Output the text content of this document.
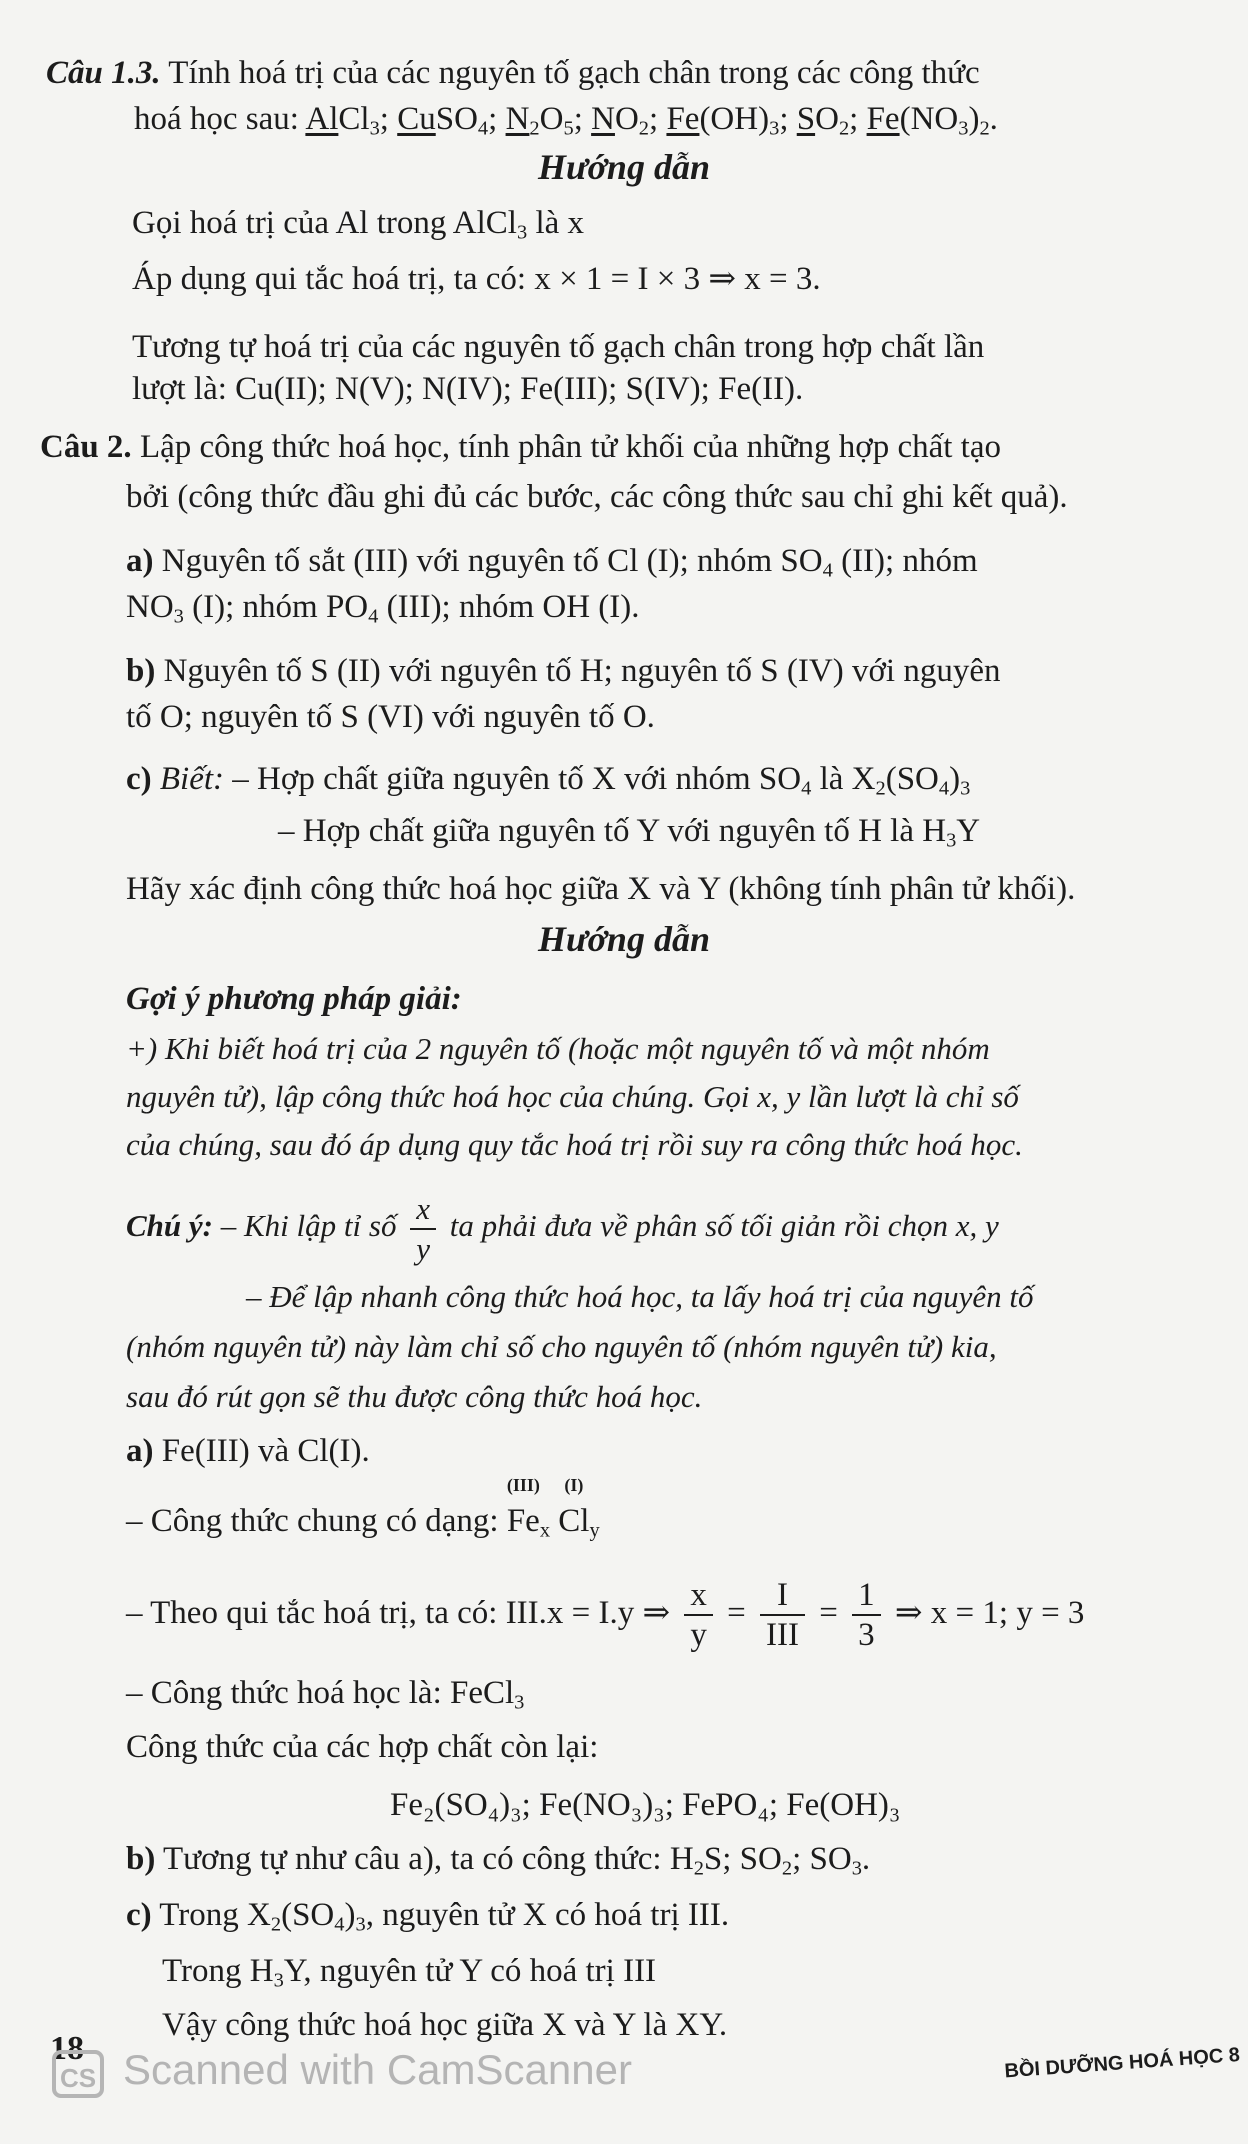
Câu 1.3. Tính hoá trị của các nguyên tố gạch chân trong các công thức
hoá học sau: AlCl$_3$; CuSO$_4$; $N_2O_5$; $NO_2$; $Fe(OH)_3$; $SO_2$; $Fe(NO_3)_2$.
Hướng dẫn
Gọi hoá trị của Al trong AlCl$_3$ là x
Áp dụng qui tắc hoá trị, ta có: x × 1 = I × 3 ⇒ x = 3.
Tương tự hoá trị của các nguyên tố gạch chân trong hợp chất lần
lượt là: Cu(II); N(V); N(IV); Fe(III); S(IV); Fe(II).
Câu 2. Lập công thức hoá học, tính phân tử khối của những hợp chất tạo
bởi (công thức đầu ghi đủ các bước, các công thức sau chỉ ghi kết quả).
a) Nguyên tố sắt (III) với nguyên tố Cl (I); nhóm $SO_4$ (II); nhóm
$NO_3$ (I); nhóm $PO_4$ (III); nhóm OH (I).
b) Nguyên tố S (II) với nguyên tố H; nguyên tố S (IV) với nguyên
tố O; nguyên tố S (VI) với nguyên tố O.
c) Biết: – Hợp chất giữa nguyên tố X với nhóm $SO_4$ là $X_2(SO_4)_3$
– Hợp chất giữa nguyên tố Y với nguyên tố H là $H_3Y$
Hãy xác định công thức hoá học giữa X và Y (không tính phân tử khối).
Hướng dẫn
Gợi ý phương pháp giải:
+) Khi biết hoá trị của 2 nguyên tố (hoặc một nguyên tố và một nhóm
nguyên tử), lập công thức hoá học của chúng. Gọi x, y lần lượt là chỉ số
của chúng, sau đó áp dụng quy tắc hoá trị rồi suy ra công thức hoá học.
Chú ý: – Khi lập tỉ số $\frac{x}{y}$ ta phải đưa về phân số tối giản rồi chọn x, y
– Để lập nhanh công thức hoá học, ta lấy hoá trị của nguyên tố
(nhóm nguyên tử) này làm chỉ số cho nguyên tố (nhóm nguyên tử) kia,
sau đó rút gọn sẽ thu được công thức hoá học.
a) Fe(III) và Cl(I).
– Công thức chung có dạng:
(III)
$Fe_x$
(I)
$Cl_y$
– Theo qui tắc hoá trị, ta có: III.x = I.y ⇒ $\frac{x}{y} = \frac{I}{\text{III}} = \frac{1}{3}$ ⇒ x = 1; y = 3
– Công thức hoá học là: FeCl$_3$
Công thức của các hợp chất còn lại:
Fe₂(SO₄)₃; Fe(NO₃)₃; FePO₄; Fe(OH)₃
b) Tương tự như câu a), ta có công thức: $H_2S$; $SO_2$; $SO_3$.
c) Trong $X_2(SO_4)_3$, nguyên tử X có hoá trị III.
Trong $H_3Y$, nguyên tử Y có hoá trị III
Vậy công thức hoá học giữa X và Y là XY.
18
CS Scanned with CamScanner	BỒI DƯỠNG HOÁ HỌC 8
